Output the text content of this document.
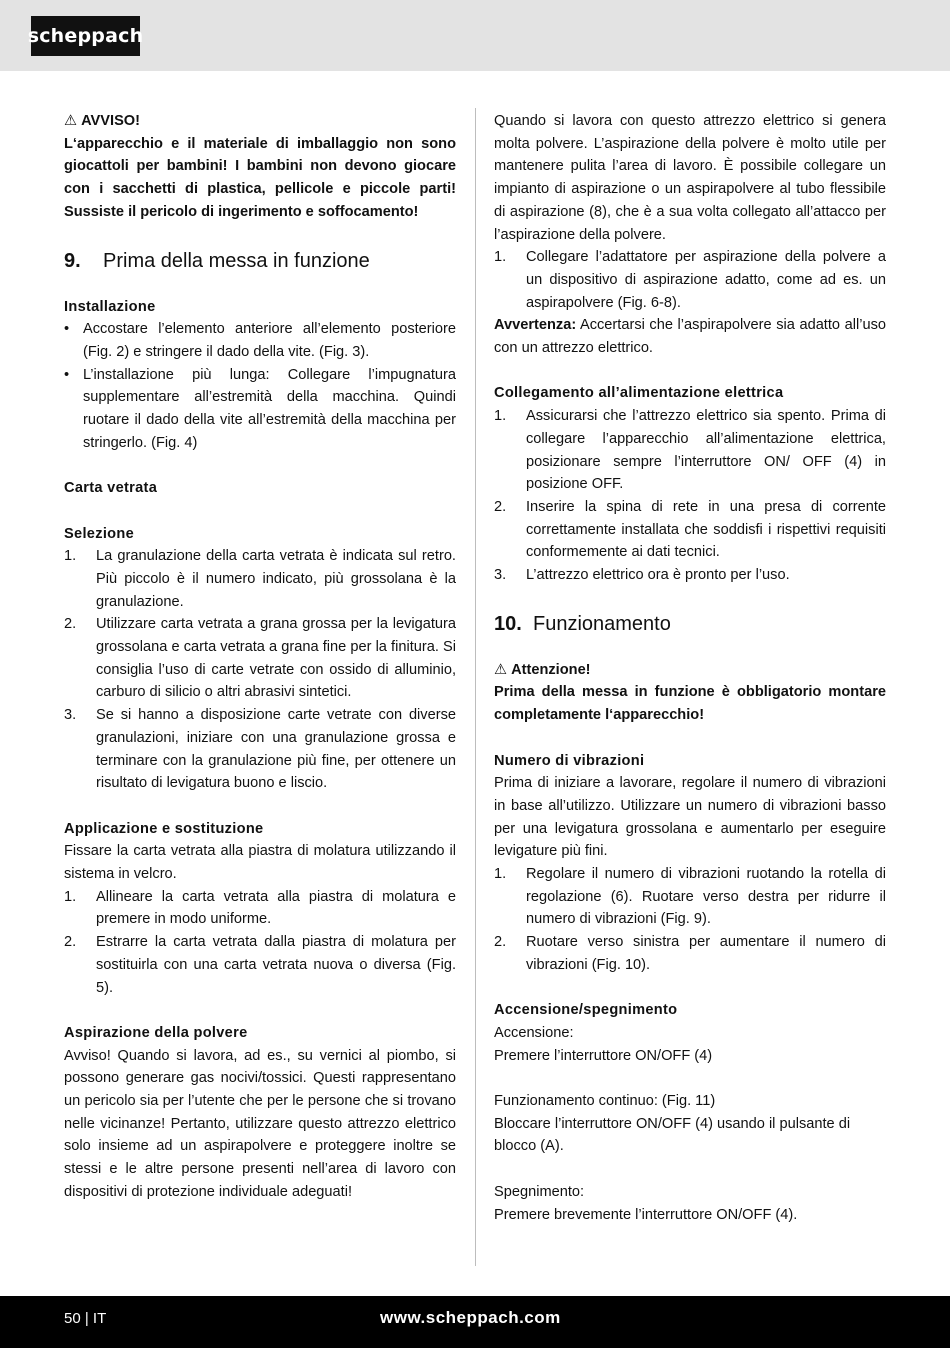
scheppach

⚠ AVVISO!

L‘apparecchio e il materiale di imballaggio non sono giocattoli per bambini! I bambini non devono giocare con i sacchetti di plastica, pellicole e piccole parti! Sussiste il pericolo di ingerimento e soffocamento!

9.	Prima della messa in funzione

Installazione

• Accostare l’elemento anteriore all’elemento posteriore (Fig. 2) e stringere il dado della vite. (Fig. 3).
• L’installazione più lunga: Collegare l’impugnatura supplementare all’estremità della macchina. Quindi ruotare il dado della vite all’estremità della macchina per stringerlo. (Fig. 4)

Carta vetrata

Selezione

1.	La granulazione della carta vetrata è indicata sul retro. Più piccolo è il numero indicato, più grossolana è la granulazione.
2.	Utilizzare carta vetrata a grana grossa per la levigatura grossolana e carta vetrata a grana fine per la finitura. Si consiglia l’uso di carte vetrate con ossido di alluminio, carburo di silicio o altri abrasivi sintetici.
3.	Se si hanno a disposizione carte vetrate con diverse granulazioni, iniziare con una granulazione grossa e terminare con la granulazione più fine, per ottenere un risultato di levigatura buono e liscio.

Applicazione e sostituzione

Fissare la carta vetrata alla piastra di molatura utilizzando il sistema in velcro.

1.	Allineare la carta vetrata alla piastra di molatura e premere in modo uniforme.
2.	Estrarre la carta vetrata dalla piastra di molatura per sostituirla con una carta vetrata nuova o diversa (Fig. 5).

Aspirazione della polvere

Avviso! Quando si lavora, ad es., su vernici al piombo, si possono generare gas nocivi/tossici. Questi rappresentano un pericolo sia per l’utente che per le persone che si trovano nelle vicinanze! Pertanto, utilizzare questo attrezzo elettrico solo insieme ad un aspirapolvere e proteggere inoltre se stessi e le altre persone presenti nell’area di lavoro con dispositivi di protezione individuale adeguati!

Quando si lavora con questo attrezzo elettrico si genera molta polvere. L’aspirazione della polvere è molto utile per mantenere pulita l’area di lavoro. È possibile collegare un impianto di aspirazione o un aspirapolvere al tubo flessibile di aspirazione (8), che è a sua volta collegato all’attacco per l’aspirazione della polvere.

1.	Collegare l’adattatore per aspirazione della polvere a un dispositivo di aspirazione adatto, come ad es. un aspirapolvere (Fig. 6-8).

Avvertenza: Accertarsi che l’aspirapolvere sia adatto all’uso con un attrezzo elettrico.

Collegamento all’alimentazione elettrica

1.	Assicurarsi che l’attrezzo elettrico sia spento. Prima di collegare l’apparecchio all’alimentazione elettrica, posizionare sempre l’interruttore ON/ OFF (4) in posizione OFF.
2.	Inserire la spina di rete in una presa di corrente correttamente installata che soddisfi i rispettivi requisiti conformemente ai dati tecnici.
3.	L’attrezzo elettrico ora è pronto per l’uso.
10. Funzionamento

⚠ Attenzione!

Prima della messa in funzione è obbligatorio montare completamente l‘apparecchio!

Numero di vibrazioni

Prima di iniziare a lavorare, regolare il numero di vibrazioni in base all’utilizzo. Utilizzare un numero di vibrazioni basso per una levigatura grossolana e aumentarlo per eseguire levigature più fini.

1.	Regolare il numero di vibrazioni ruotando la rotella di regolazione (6). Ruotare verso destra per ridurre il numero di vibrazioni (Fig. 9).
2.	Ruotare verso sinistra per aumentare il numero di vibrazioni (Fig. 10).

Accensione/spegnimento

Accensione:

Premere l’interruttore ON/OFF (4)

Funzionamento continuo: (Fig. 11)

Bloccare l’interruttore ON/OFF (4) usando il pulsante di blocco (A).

Spegnimento:

Premere brevemente l’interruttore ON/OFF (4).

50 | IT	www.scheppach.com
